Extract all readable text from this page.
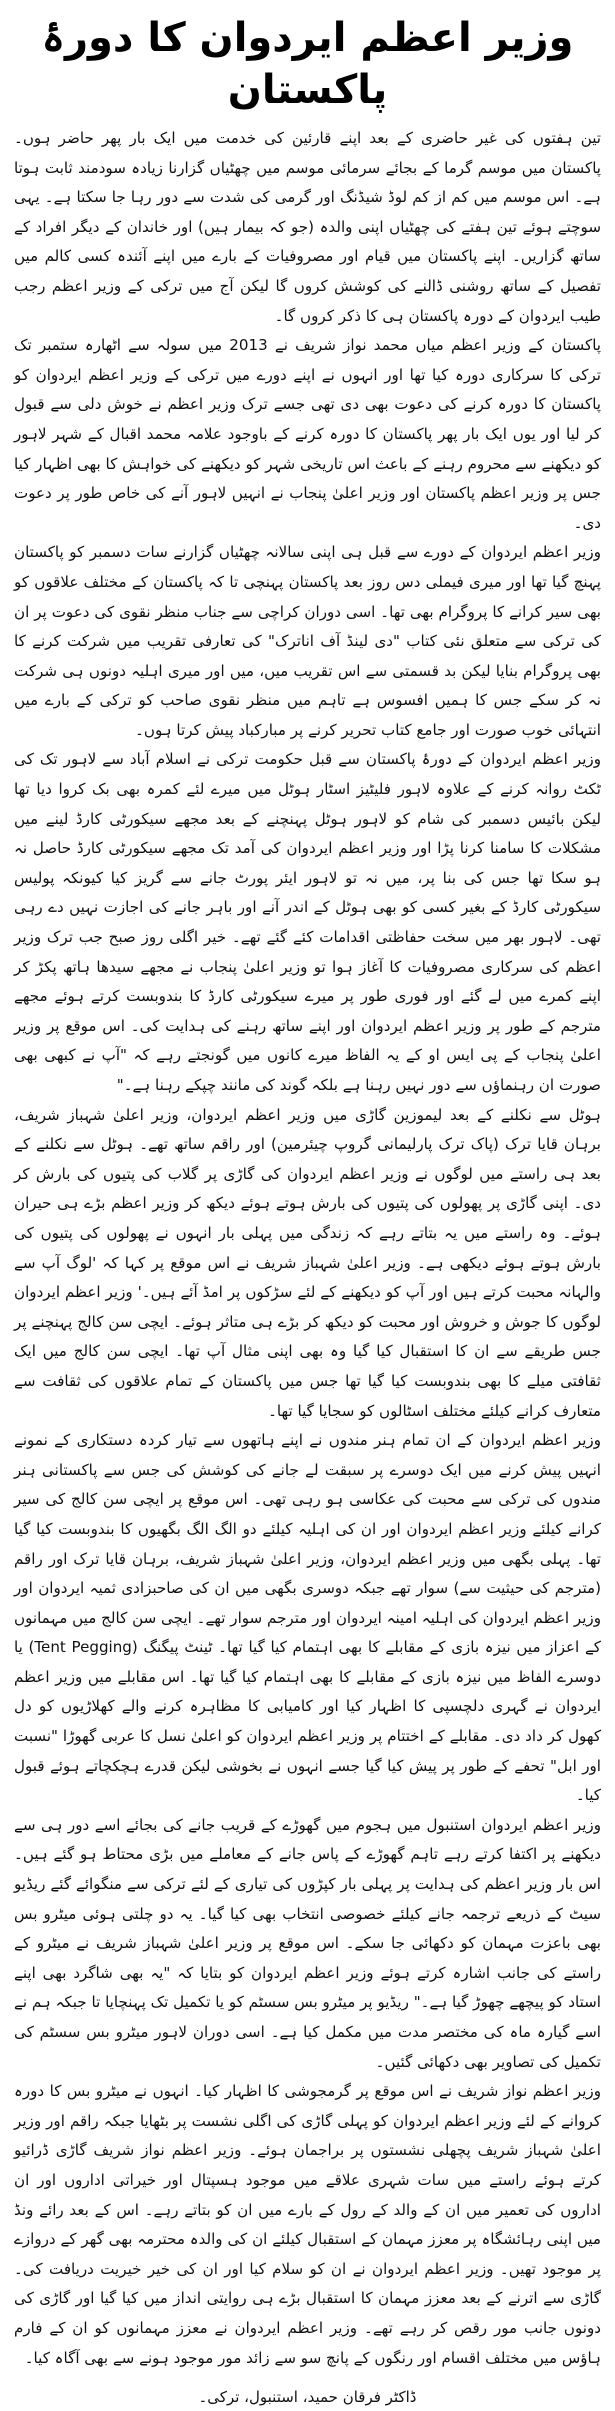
وزیر اعظم ایردوان کا دورۂ پاکستان

تین ہفتوں کی غیر حاضری کے بعد اپنے قارئین کی خدمت میں ایک بار پھر حاضر ہوں۔ پاکستان میں موسم گرما کے بجائے سرمائی موسم میں چھٹیاں گزارنا زیادہ سودمند ثابت ہوتا ہے۔ اس موسم میں کم از کم لوڈ شیڈنگ اور گرمی کی شدت سے دور رہا جا سکتا ہے۔ یہی سوچتے ہوئے تین ہفتے کی چھٹیاں اپنی والدہ (جو کہ بیمار ہیں) اور خاندان کے دیگر افراد کے ساتھ گزاریں۔ اپنے پاکستان میں قیام اور مصروفیات کے بارے میں اپنے آئندہ کسی کالم میں تفصیل کے ساتھ روشنی ڈالنے کی کوشش کروں گا لیکن آج میں ترکی کے وزیر اعظم رجب طیب ایردوان کے دورہ پاکستان ہی کا ذکر کروں گا۔

پاکستان کے وزیر اعظم میاں محمد نواز شریف نے 2013 میں سولہ سے اٹھارہ ستمبر تک ترکی کا سرکاری دورہ کیا تھا اور انہوں نے اپنے دورے میں ترکی کے وزیر اعظم ایردوان کو پاکستان کا دورہ کرنے کی دعوت بھی دی تھی جسے ترک وزیر اعظم نے خوش دلی سے قبول کر لیا اور یوں ایک بار پھر پاکستان کا دورہ کرنے کے باوجود علامہ محمد اقبال کے شہر لاہور کو دیکھنے سے محروم رہنے کے باعث اس تاریخی شہر کو دیکھنے کی خواہش کا بھی اظہار کیا جس پر وزیر اعظم پاکستان اور وزیر اعلیٰ پنجاب نے انہیں لاہور آنے کی خاص طور پر دعوت دی۔

وزیر اعظم ایردوان کے دورے سے قبل ہی اپنی سالانہ چھٹیاں گزارنے سات دسمبر کو پاکستان پہنچ گیا تھا اور میری فیملی دس روز بعد پاکستان پہنچی تا کہ پاکستان کے مختلف علاقوں کو بھی سیر کرانے کا پروگرام بھی تھا۔ اسی دوران کراچی سے جناب منظر نقوی کی دعوت پر ان کی ترکی سے متعلق نئی کتاب "دی لینڈ آف اناترک" کی تعارفی تقریب میں شرکت کرنے کا بھی پروگرام بنایا لیکن بد قسمتی سے اس تقریب میں، میں اور میری اہلیہ دونوں ہی شرکت نہ کر سکے جس کا ہمیں افسوس ہے تاہم میں منظر نقوی صاحب کو ترکی کے بارے میں انتہائی خوب صورت اور جامع کتاب تحریر کرنے پر مبارکباد پیش کرتا ہوں۔

وزیر اعظم ایردوان کے دورۂ پاکستان سے قبل حکومت ترکی نے اسلام آباد سے لاہور تک کی ٹکٹ روانہ کرنے کے علاوہ لاہور فلیٹیز اسٹار ہوٹل میں میرے لئے کمرہ بھی بک کروا دیا تھا لیکن بائیس دسمبر کی شام کو لاہور ہوٹل پہنچنے کے بعد مجھے سیکورٹی کارڈ لینے میں مشکلات کا سامنا کرنا پڑا اور وزیر اعظم ایردوان کی آمد تک مجھے سیکورٹی کارڈ حاصل نہ ہو سکا تھا جس کی بنا پر، میں نہ تو لاہور ایئر پورٹ جانے سے گریز کیا کیونکہ پولیس سیکورٹی کارڈ کے بغیر کسی کو بھی ہوٹل کے اندر آنے اور باہر جانے کی اجازت نہیں دے رہی تھی۔ لاہور بھر میں سخت حفاظتی اقدامات کئے گئے تھے۔ خیر اگلی روز صبح جب ترک وزیر اعظم کی سرکاری مصروفیات کا آغاز ہوا تو وزیر اعلیٰ پنجاب نے مجھے سیدھا ہاتھ پکڑ کر اپنے کمرے میں لے گئے اور فوری طور پر میرے سیکورٹی کارڈ کا بندوبست کرتے ہوئے مجھے مترجم کے طور پر وزیر اعظم ایردوان اور اپنے ساتھ رہنے کی ہدایت کی۔ اس موقع پر وزیر اعلیٰ پنجاب کے پی ایس او کے یہ الفاظ میرے کانوں میں گونجتے رہے کہ "آپ نے کبھی بھی صورت ان رہنماؤں سے دور نہیں رہنا ہے بلکہ گوند کی مانند چپکے رہنا ہے۔"

ہوٹل سے نکلنے کے بعد لیموزین گاڑی میں وزیر اعظم ایردوان، وزیر اعلیٰ شہباز شریف، برہان قایا ترک (پاک ترک پارلیمانی گروپ چیئرمین) اور راقم ساتھ تھے۔ ہوٹل سے نکلنے کے بعد ہی راستے میں لوگوں نے وزیر اعظم ایردوان کی گاڑی پر گلاب کی پتیوں کی بارش کر دی۔ اپنی گاڑی پر پھولوں کی پتیوں کی بارش ہوتے ہوئے دیکھ کر وزیر اعظم بڑے ہی حیران ہوئے۔ وہ راستے میں یہ بتاتے رہے کہ زندگی میں پہلی بار انہوں نے پھولوں کی پتیوں کی بارش ہوتے ہوئے دیکھی ہے۔ وزیر اعلیٰ شہباز شریف نے اس موقع پر کہا کہ 'لوگ آپ سے والہانہ محبت کرتے ہیں اور آپ کو دیکھنے کے لئے سڑکوں پر امڈ آئے ہیں۔' وزیر اعظم ایردوان لوگوں کا جوش و خروش اور محبت کو دیکھ کر بڑے ہی متاثر ہوئے۔ ایچی سن کالج پہنچنے پر جس طریقے سے ان کا استقبال کیا گیا وہ بھی اپنی مثال آپ تھا۔ ایچی سن کالج میں ایک ثقافتی میلے کا بھی بندوبست کیا گیا تھا جس میں پاکستان کے تمام علاقوں کی ثقافت سے متعارف کرانے کیلئے مختلف اسٹالوں کو سجایا گیا تھا۔

وزیر اعظم ایردوان کے ان تمام ہنر مندوں نے اپنے ہاتھوں سے تیار کردہ دستکاری کے نمونے انہیں پیش کرنے میں ایک دوسرے پر سبقت لے جانے کی کوشش کی جس سے پاکستانی ہنر مندوں کی ترکی سے محبت کی عکاسی ہو رہی تھی۔ اس موقع پر ایچی سن کالج کی سیر کرانے کیلئے وزیر اعظم ایردوان اور ان کی اہلیہ کیلئے دو الگ الگ بگھیوں کا بندوبست کیا گیا تھا۔ پہلی بگھی میں وزیر اعظم ایردوان، وزیر اعلیٰ شہباز شریف، برہان قایا ترک اور راقم (مترجم کی حیثیت سے) سوار تھے جبکہ دوسری بگھی میں ان کی صاحبزادی ثمیہ ایردوان اور وزیر اعظم ایردوان کی اہلیہ امینہ ایردوان اور مترجم سوار تھے۔ ایچی سن کالج میں مہمانوں کے اعزاز میں نیزہ بازی کے مقابلے کا بھی اہتمام کیا گیا تھا۔ ٹینٹ پیگنگ (Tent Pegging) یا دوسرے الفاظ میں نیزہ بازی کے مقابلے کا بھی اہتمام کیا گیا تھا۔ اس مقابلے میں وزیر اعظم ایردوان نے گہری دلچسپی کا اظہار کیا اور کامیابی کا مظاہرہ کرنے والے کھلاڑیوں کو دل کھول کر داد دی۔ مقابلے کے اختتام پر وزیر اعظم ایردوان کو اعلیٰ نسل کا عربی گھوڑا "نسبت اور ابل" تحفے کے طور پر پیش کیا گیا جسے انہوں نے بخوشی لیکن قدرے ہچکچاتے ہوئے قبول کیا۔

وزیر اعظم ایردوان استنبول میں ہجوم میں گھوڑے کے قریب جانے کی بجائے اسے دور ہی سے دیکھنے پر اکتفا کرتے رہے تاہم گھوڑے کے پاس جانے کے معاملے میں بڑی محتاط ہو گئے ہیں۔ اس بار وزیر اعظم کی ہدایت پر پہلی بار کپڑوں کی تیاری کے لئے ترکی سے منگوائے گئے ریڈیو سیٹ کے ذریعے ترجمہ جانے کیلئے خصوصی انتخاب بھی کیا گیا۔ یہ دو چلتی ہوئی میٹرو بس بھی باعزت مہمان کو دکھائی جا سکے۔ اس موقع پر وزیر اعلیٰ شہباز شریف نے میٹرو کے راستے کی جانب اشارہ کرتے ہوئے وزیر اعظم ایردوان کو بتایا کہ "یہ بھی شاگرد بھی اپنے استاد کو پیچھے چھوڑ گیا ہے۔" ریڈیو پر میٹرو بس سسٹم کو یا تکمیل تک پہنچایا تا جبکہ ہم نے اسے گیارہ ماہ کی مختصر مدت میں مکمل کیا ہے۔ اسی دوران لاہور میٹرو بس سسٹم کی تکمیل کی تصاویر بھی دکھائی گئیں۔

وزیر اعظم نواز شریف نے اس موقع پر گرمجوشی کا اظہار کیا۔ انہوں نے میٹرو بس کا دورہ کروانے کے لئے وزیر اعظم ایردوان کو پہلی گاڑی کی اگلی نشست پر بٹھایا جبکہ راقم اور وزیر اعلیٰ شہباز شریف پچھلی نشستوں پر براجمان ہوئے۔ وزیر اعظم نواز شریف گاڑی ڈرائیو کرتے ہوئے راستے میں سات شہری علاقے میں موجود ہسپتال اور خیراتی اداروں اور ان اداروں کی تعمیر میں ان کے والد کے رول کے بارے میں ان کو بتاتے رہے۔ اس کے بعد رائے ونڈ میں اپنی رہائشگاہ پر معزز مہمان کے استقبال کیلئے ان کی والدہ محترمہ بھی گھر کے دروازے پر موجود تھیں۔ وزیر اعظم ایردوان نے ان کو سلام کیا اور ان کی خیر خیریت دریافت کی۔ گاڑی سے اترنے کے بعد معزز مہمان کا استقبال بڑے ہی روایتی انداز میں کیا گیا اور گاڑی کی دونوں جانب مور رقص کر رہے تھے۔ وزیر اعظم ایردوان نے معزز مہمانوں کو ان کے فارم ہاؤس میں مختلف اقسام اور رنگوں کے پانچ سو سے زائد مور موجود ہونے سے بھی آگاہ کیا۔

ڈاکٹر فرقان حمید، استنبول، ترکی۔
